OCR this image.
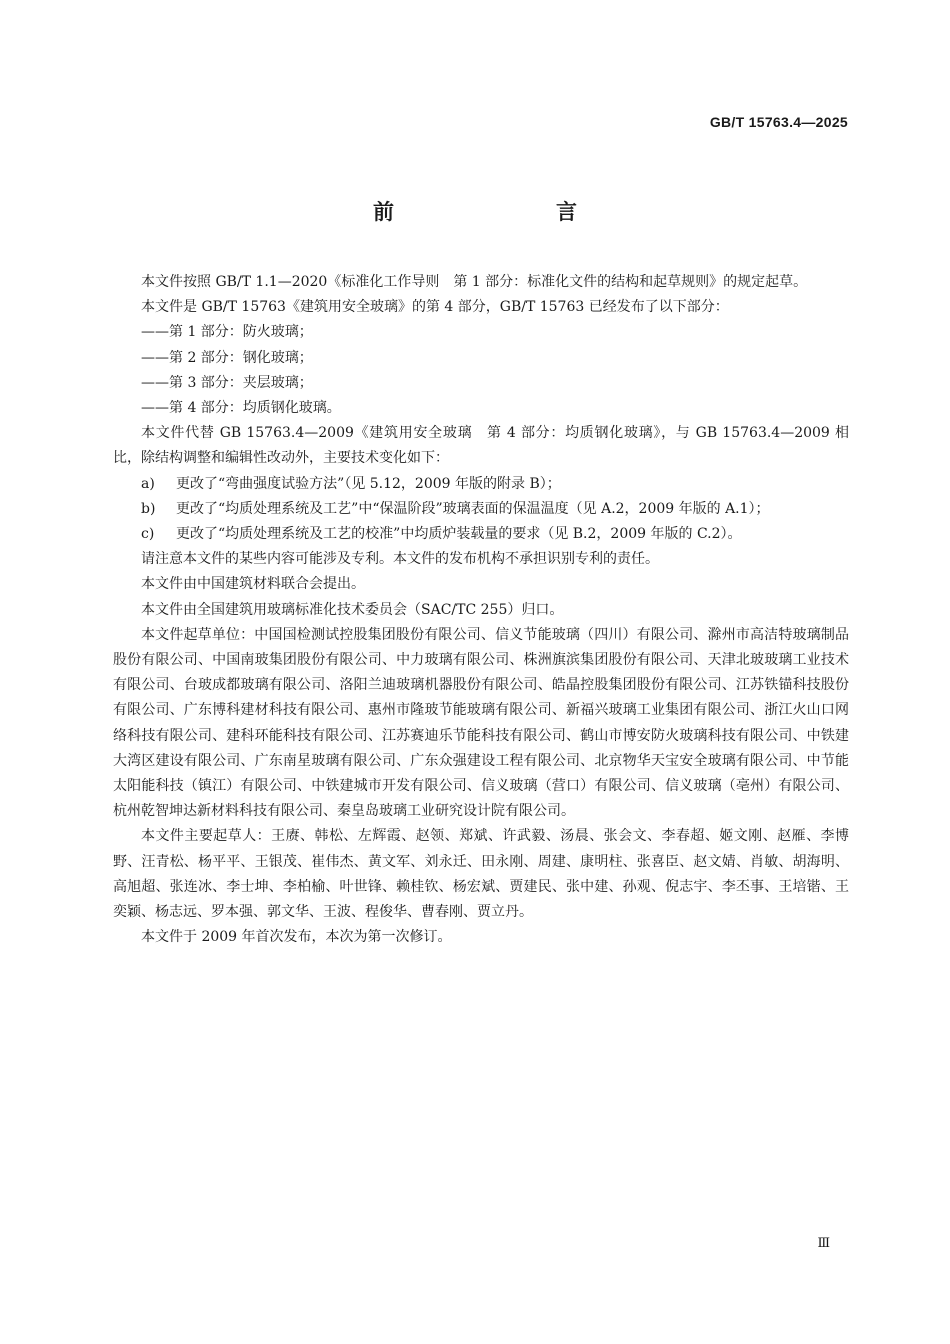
GB/T 15763.4—2025
前　　言

本文件按照 GB/T 1.1—2020《标准化工作导则　第 1 部分：标准化文件的结构和起草规则》的规定起草。

本文件是 GB/T 15763《建筑用安全玻璃》的第 4 部分，GB/T 15763 已经发布了以下部分：

——第 1 部分：防火玻璃；

——第 2 部分：钢化玻璃；

——第 3 部分：夹层玻璃；

——第 4 部分：均质钢化玻璃。

本文件代替 GB 15763.4—2009《建筑用安全玻璃　第 4 部分：均质钢化玻璃》，与 GB 15763.4—2009 相比，除结构调整和编辑性改动外，主要技术变化如下：

a) 更改了“弯曲强度试验方法”（见 5.12，2009 年版的附录 B）；

b) 更改了“均质处理系统及工艺”中“保温阶段”玻璃表面的保温温度（见 A.2，2009 年版的 A.1）；

c) 更改了“均质处理系统及工艺的校准”中均质炉装载量的要求（见 B.2，2009 年版的 C.2）。

请注意本文件的某些内容可能涉及专利。本文件的发布机构不承担识别专利的责任。

本文件由中国建筑材料联合会提出。

本文件由全国建筑用玻璃标准化技术委员会（SAC/TC 255）归口。

本文件起草单位：中国国检测试控股集团股份有限公司、信义节能玻璃（四川）有限公司、滁州市高洁特玻璃制品股份有限公司、中国南玻集团股份有限公司、中力玻璃有限公司、株洲旗滨集团股份有限公司、天津北玻玻璃工业技术有限公司、台玻成都玻璃有限公司、洛阳兰迪玻璃机器股份有限公司、皓晶控股集团股份有限公司、江苏铁锚科技股份有限公司、广东博科建材科技有限公司、惠州市隆玻节能玻璃有限公司、新福兴玻璃工业集团有限公司、浙江火山口网络科技有限公司、建科环能科技有限公司、江苏赛迪乐节能科技有限公司、鹤山市博安防火玻璃科技有限公司、中铁建大湾区建设有限公司、广东南星玻璃有限公司、广东众强建设工程有限公司、北京物华天宝安全玻璃有限公司、中节能太阳能科技（镇江）有限公司、中铁建城市开发有限公司、信义玻璃（营口）有限公司、信义玻璃（亳州）有限公司、杭州乾智坤达新材料科技有限公司、秦皇岛玻璃工业研究设计院有限公司。

本文件主要起草人：王赓、韩松、左辉霞、赵领、郑斌、许武毅、汤晨、张会文、李春超、姬文刚、赵雁、李博野、汪青松、杨平平、王银茂、崔伟杰、黄文军、刘永迁、田永刚、周建、康明柱、张喜臣、赵文婧、肖敏、胡海明、高旭超、张连冰、李士坤、李柏榆、叶世锋、赖桂钦、杨宏斌、贾建民、张中建、孙观、倪志宇、李丕事、王培锴、王奕颖、杨志远、罗本强、郭文华、王波、程俊华、曹春刚、贾立丹。

本文件于 2009 年首次发布，本次为第一次修订。

Ⅲ
